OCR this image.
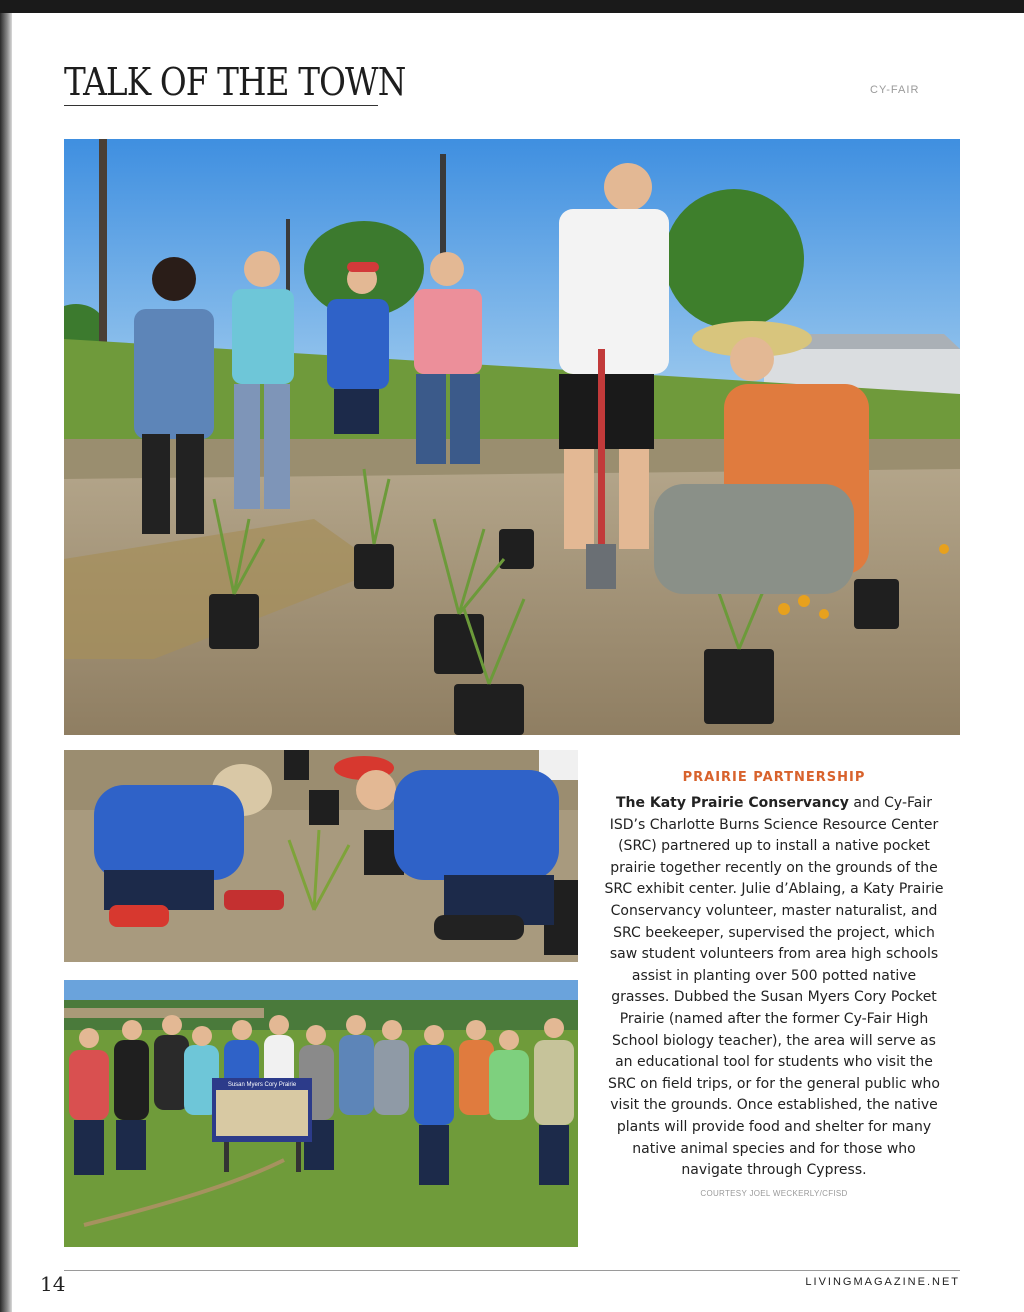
TALK OF THE TOWN	CY-FAIR
Susan Myers Cory Prairie
PRAIRIE PARTNERSHIP

The Katy Prairie Conservancy and Cy-Fair ISD’s Charlotte Burns Science Resource Center (SRC) partnered up to install a native pocket prairie together recently on the grounds of the SRC exhibit center. Julie d’Ablaing, a Katy Prairie Conservancy volunteer, master naturalist, and SRC beekeeper, supervised the project, which saw student volunteers from area high schools assist in planting over 500 potted native grasses. Dubbed the Susan Myers Cory Pocket Prairie (named after the former Cy-Fair High School biology teacher), the area will serve as an educational tool for students who visit the SRC on field trips, or for the general public who visit the grounds. Once established, the native plants will provide food and shelter for many native animal species and for those who navigate through Cypress.

COURTESY JOEL WECKERLY/CFISD
14	LIVINGMAGAZINE.NET
